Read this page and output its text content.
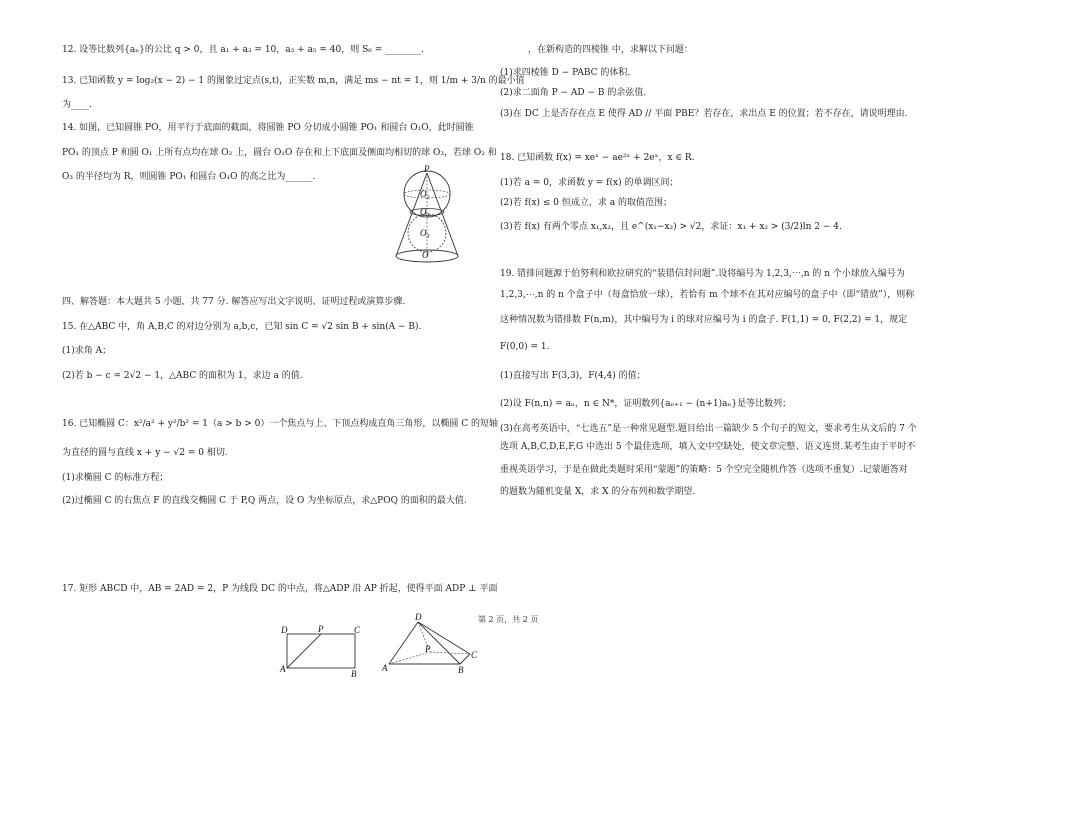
12. 设等比数列{aₙ}的公比 q > 0，且 a₁ + a₃ = 10，a₃ + a₅ = 40，则 S₆ = ________.
13. 已知函数 y = log₂(x − 2) − 1 的图象过定点(s,t)，正实数 m,n，满足 ms − nt = 1，则 1/m + 3/n 的最小值
为____.
14. 如图，已知圆锥 PO，用平行于底面的截面，将圆锥 PO 分切成小圆锥 PO₁ 和圆台 O₁O，此时圆锥
PO₁ 的顶点 P 和圆 O₁ 上所有点均在球 O₂ 上，圆台 O₁O 存在和上下底面及侧面均相切的球 O₃，若球 O₂ 和
O₃ 的半径均为 R，则圆锥 PO₁ 和圆台 O₁O 的高之比为______.
P
O₂
O₁
O₃
O
四、解答题：本大题共 5 小题，共 77 分. 解答应写出文字说明、证明过程或演算步骤.
15. 在△ABC 中，角 A,B,C 的对边分别为 a,b,c，已知 sin C = √2 sin B + sin(A − B).
(1)求角 A；
(2)若 b − c = 2√2 − 1，△ABC 的面积为 1，求边 a 的值.
16. 已知椭圆 C：x²/a² + y²/b² = 1（a > b > 0）一个焦点与上、下顶点构成直角三角形，以椭圆 C 的短轴
为直径的圆与直线 x + y − √2 = 0 相切.
(1)求椭圆 C 的标准方程；
(2)过椭圆 C 的右焦点 F 的直线交椭圆 C 于 P,Q 两点，设 O 为坐标原点，求△POQ 的面积的最大值.
17. 矩形 ABCD 中，AB = 2AD = 2，P 为线段 DC 的中点，将△ADP 沿 AP 折起，使得平面 ADP ⊥ 平面
D	P	C
A	B
D
P
C
A	B
，在新构造的四棱锥 中，求解以下问题：
(1)求四棱锥 D − PABC 的体积.
(2)求二面角 P − AD − B 的余弦值.
(3)在 DC 上是否存在点 E 使得 AD // 平面 PBE？若存在，求出点 E 的位置；若不存在，请说明理由.
18. 已知函数 f(x) = xeˣ − ae²ˣ + 2eˣ，x ∈ R.
(1)若 a = 0，求函数 y = f(x) 的单调区间；
(2)若 f(x) ≤ 0 恒成立，求 a 的取值范围；
(3)若 f(x) 有两个零点 x₁,x₂，且 e^(x₁−x₂) > √2，求证：x₁ + x₂ > (3/2)ln 2 − 4.
19. 错排问题源于伯努利和欧拉研究的“装错信封问题”.设将编号为 1,2,3,⋯,n 的 n 个小球放入编号为
1,2,3,⋯,n 的 n 个盒子中（每盒恰放一球），若恰有 m 个球不在其对应编号的盒子中（即“错放”），则称
这种情况数为错排数 F(n,m)，其中编号为 i 的球对应编号为 i 的盒子. F(1,1) = 0, F(2,2) = 1，规定
F(0,0) = 1.
(1)直接写出 F(3,3)，F(4,4) 的值；
(2)设 F(n,n) = aₙ，n ∈ N*，证明数列{aₙ₊₁ − (n+1)aₙ}是等比数列；
(3)在高考英语中，“七选五”是一种常见题型.题目给出一篇缺少 5 个句子的短文，要求考生从文后的 7 个
选项 A,B,C,D,E,F,G 中选出 5 个最佳选项，填入文中空缺处，使文章完整、语义连贯.某考生由于平时不
重视英语学习，于是在做此类题时采用“蒙题”的策略：5 个空完全随机作答（选项不重复）.记蒙题答对
的题数为随机变量 X，求 X 的分布列和数学期望.
第 2 页，共 2 页
